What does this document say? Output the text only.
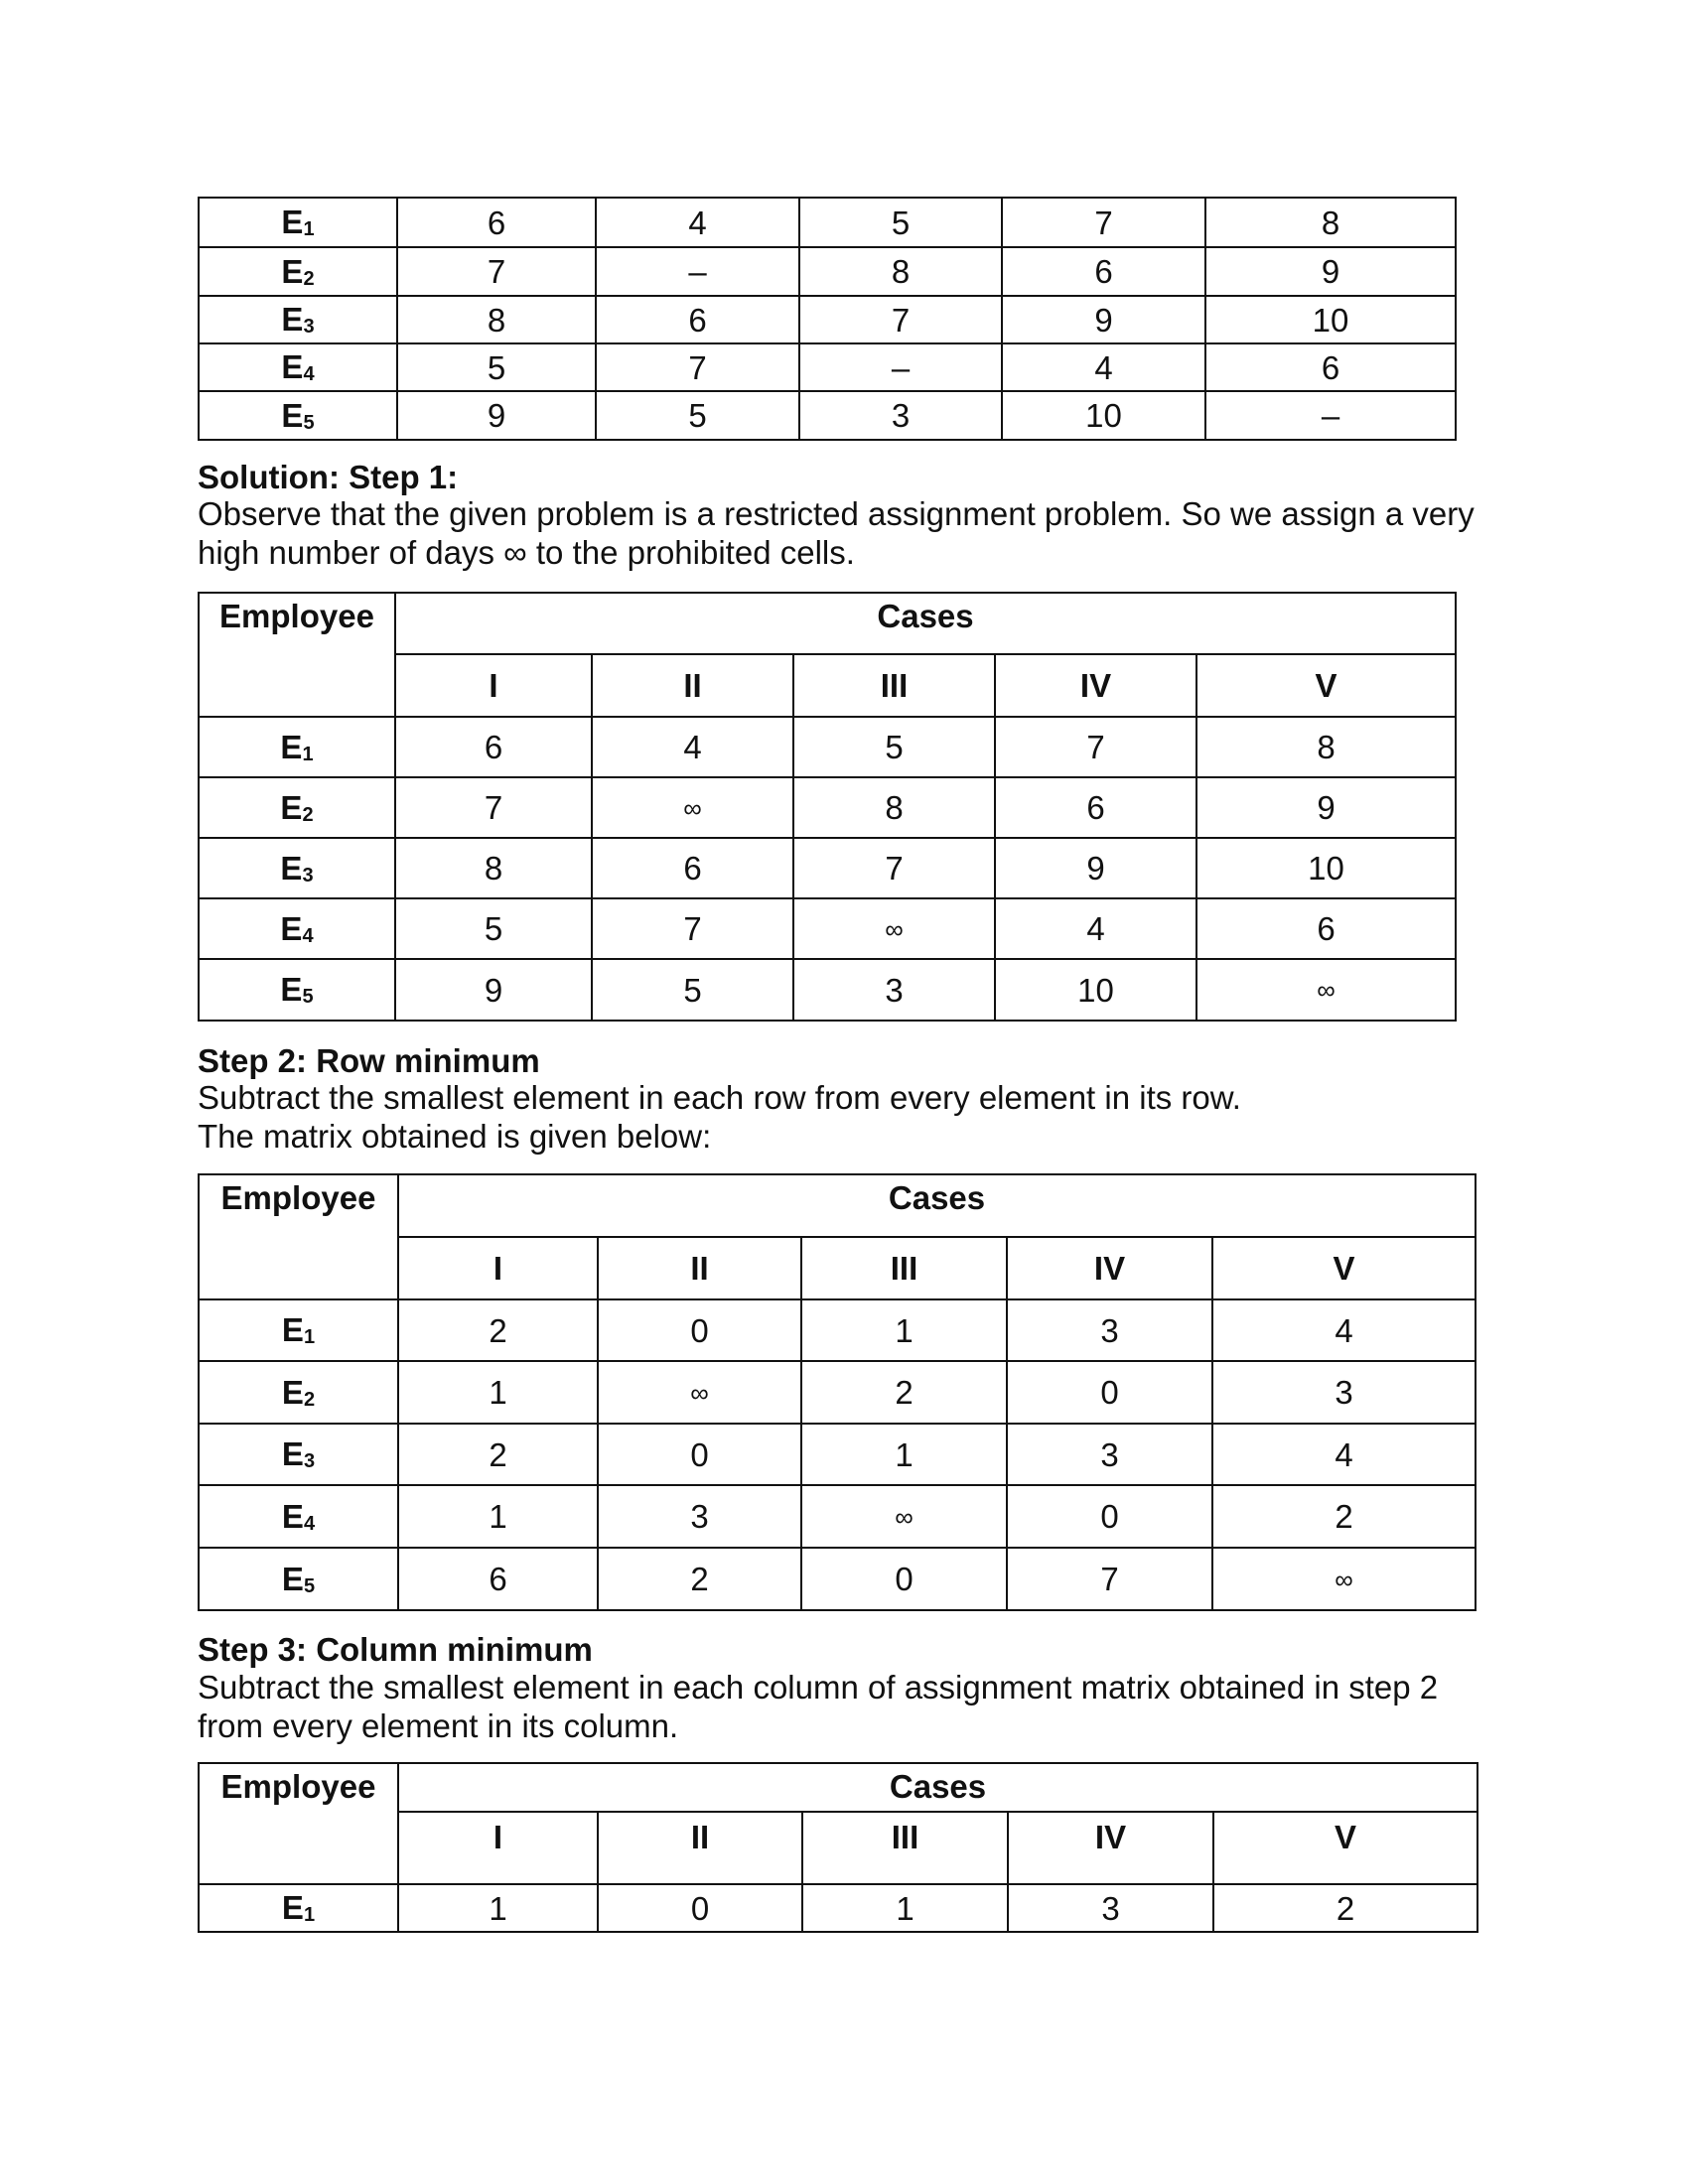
$E_1$	6	4	5	7	8
$E_2$	7	–	8	6	9
$E_3$	8	6	7	9	10
$E_4$	5	7	–	4	6
$E_5$	9	5	3	10	–
Solution: Step 1:
Observe that the given problem is a restricted assignment problem. So we assign a very
high number of days ∞ to the prohibited cells.
Employee	Cases				
	I	II	III	IV	V
$E_1$	6	4	5	7	8
$E_2$	7	∞	8	6	9
$E_3$	8	6	7	9	10
$E_4$	5	7	∞	4	6
$E_5$	9	5	3	10	∞
Step 2: Row minimum
Subtract the smallest element in each row from every element in its row.
The matrix obtained is given below:
Employee	Cases				
	I	II	III	IV	V
$E_1$	2	0	1	3	4
$E_2$	1	∞	2	0	3
$E_3$	2	0	1	3	4
$E_4$	1	3	∞	0	2
$E_5$	6	2	0	7	∞
Step 3: Column minimum
Subtract the smallest element in each column of assignment matrix obtained in step 2
from every element in its column.
Employee	Cases				
	I	II	III	IV	V
$E_1$	1	0	1	3	2
